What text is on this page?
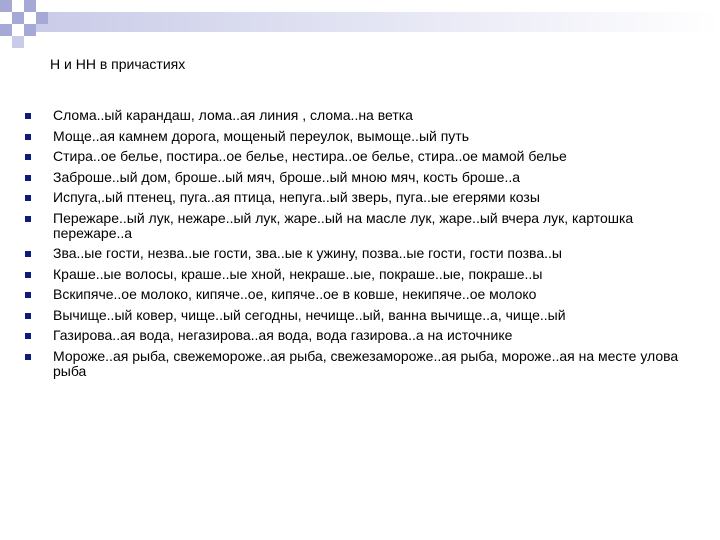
Н и НН в причастиях
Слома..ый карандаш, лома..ая линия , слома..на ветка
Моще..ая камнем дорога, мощеный переулок, вымоще..ый путь
Стира..ое белье, постира..ое белье, нестира..ое белье, стира..ое мамой белье
Заброше..ый дом, броше..ый мяч, броше..ый мною мяч, кость броше..а
Испуга,.ый птенец, пуга..ая птица, непуга..ый зверь, пуга..ые егерями козы
Пережаре..ый лук, нежаре..ый лук, жаре..ый на масле лук, жаре..ый вчера лук, картошка пережаре..а
Зва..ые гости, незва..ые гости, зва..ые к ужину, позва..ые гости, гости позва..ы
Краше..ые волосы, краше..ые хной, некраше..ые, покраше..ые, покраше..ы
Вскипяче..ое молоко, кипяче..ое, кипяче..ое в ковше, некипяче..ое молоко
Вычище..ый ковер, чище..ый сегодны, нечище..ый, ванна вычище..а, чище..ый
Газирова..ая вода, негазирова..ая вода, вода газирова..а на источнике
Мороже..ая рыба, свежемороже..ая рыба, свежезамороже..ая рыба, мороже..ая на месте улова рыба
